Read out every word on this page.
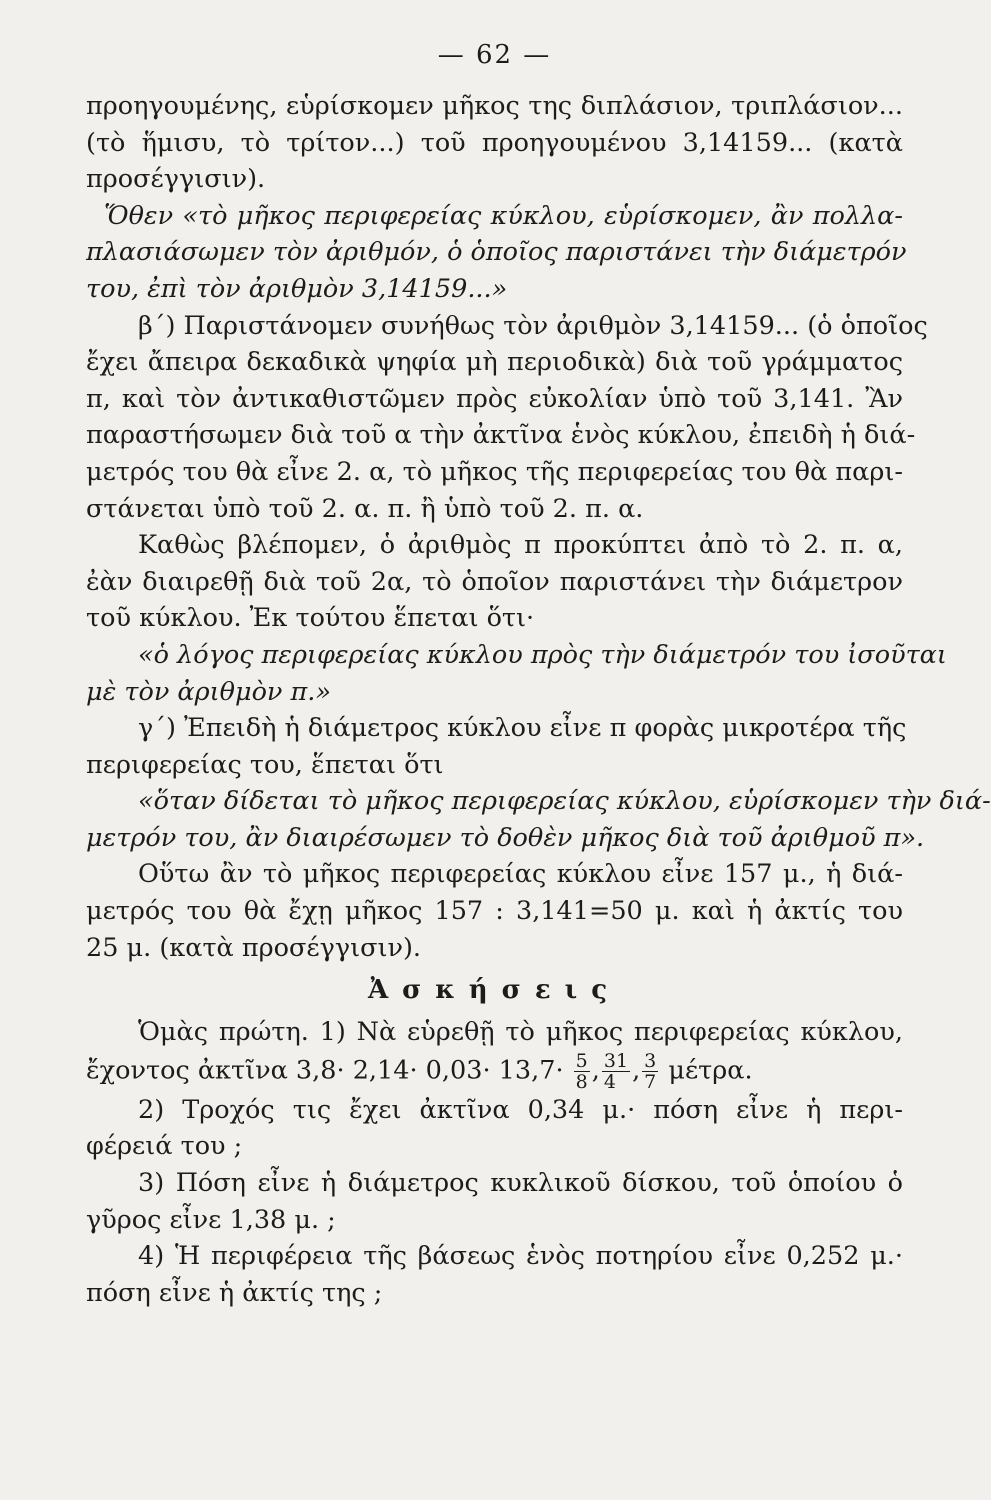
— 62 —
προηγουμένης, εὑρίσκομεν μῆκος της διπλάσιον, τριπλάσιον...
(τὸ ἥμισυ, τὸ τρίτον...) τοῦ προηγουμένου 3,14159... (κατὰ
προσέγγισιν).
Ὅθεν «τὸ μῆκος περιφερείας κύκλου, εὑρίσκομεν, ἂν πολλα-
πλασιάσωμεν τὸν ἀριθμόν, ὁ ὁποῖος παριστάνει τὴν διάμετρόν
του, ἐπὶ τὸν ἀριθμὸν 3,14159...»
β΄) Παριστάνομεν συνήθως τὸν ἀριθμὸν 3,14159... (ὁ ὁποῖος
ἔχει ἄπειρα δεκαδικὰ ψηφία μὴ περιοδικὰ) διὰ τοῦ γράμματος
π, καὶ τὸν ἀντικαθιστῶμεν πρὸς εὐκολίαν ὑπὸ τοῦ 3,141. Ἂν
παραστήσωμεν διὰ τοῦ α τὴν ἀκτῖνα ἑνὸς κύκλου, ἐπειδὴ ἡ διά-
μετρός του θὰ εἶνε 2. α, τὸ μῆκος τῆς περιφερείας του θὰ παρι-
στάνεται ὑπὸ τοῦ 2. α. π. ἢ ὑπὸ τοῦ 2. π. α.
Καθὼς βλέπομεν, ὁ ἀριθμὸς π προκύπτει ἀπὸ τὸ 2. π. α,
ἐὰν διαιρεθῇ διὰ τοῦ 2α, τὸ ὁποῖον παριστάνει τὴν διάμετρον
τοῦ κύκλου. Ἐκ τούτου ἕπεται ὅτι·
«ὁ λόγος περιφερείας κύκλου πρὸς τὴν διάμετρόν του ἰσοῦται
μὲ τὸν ἀριθμὸν π.»
γ΄) Ἐπειδὴ ἡ διάμετρος κύκλου εἶνε π φορὰς μικροτέρα τῆς
περιφερείας του, ἕπεται ὅτι
«ὅταν δίδεται τὸ μῆκος περιφερείας κύκλου, εὑρίσκομεν τὴν διά-
μετρόν του, ἂν διαιρέσωμεν τὸ δοθὲν μῆκος διὰ τοῦ ἀριθμοῦ π».
Οὕτω ἂν τὸ μῆκος περιφερείας κύκλου εἶνε 157 μ., ἡ διά-
μετρός του θὰ ἔχῃ μῆκος 157 : 3,141=50 μ. καὶ ἡ ἀκτίς του
25 μ. (κατὰ προσέγγισιν).
Ἀσκήσεις
Ὁμὰς πρώτη. 1) Νὰ εὑρεθῇ τὸ μῆκος περιφερείας κύκλου,
ἔχοντος ἀκτῖνα $3,8\cdot 2,14\cdot 0,03\cdot 13,7\cdot \frac{5}{8}$ , $\frac{31}{4}$ , $\frac{3}{7} \mu έ\tau\rho\alpha$.
2) Τροχός τις ἔχει ἀκτῖνα 0,34 μ.· πόση εἶνε ἡ περι-
φέρειά του ;
3) Πόση εἶνε ἡ διάμετρος κυκλικοῦ δίσκου, τοῦ ὁποίου ὁ
γῦρος εἶνε 1,38 μ. ;
4) Ἡ περιφέρεια τῆς βάσεως ἑνὸς ποτηρίου εἶνε 0,252 μ.·
πόση εἶνε ἡ ἀκτίς της ;
